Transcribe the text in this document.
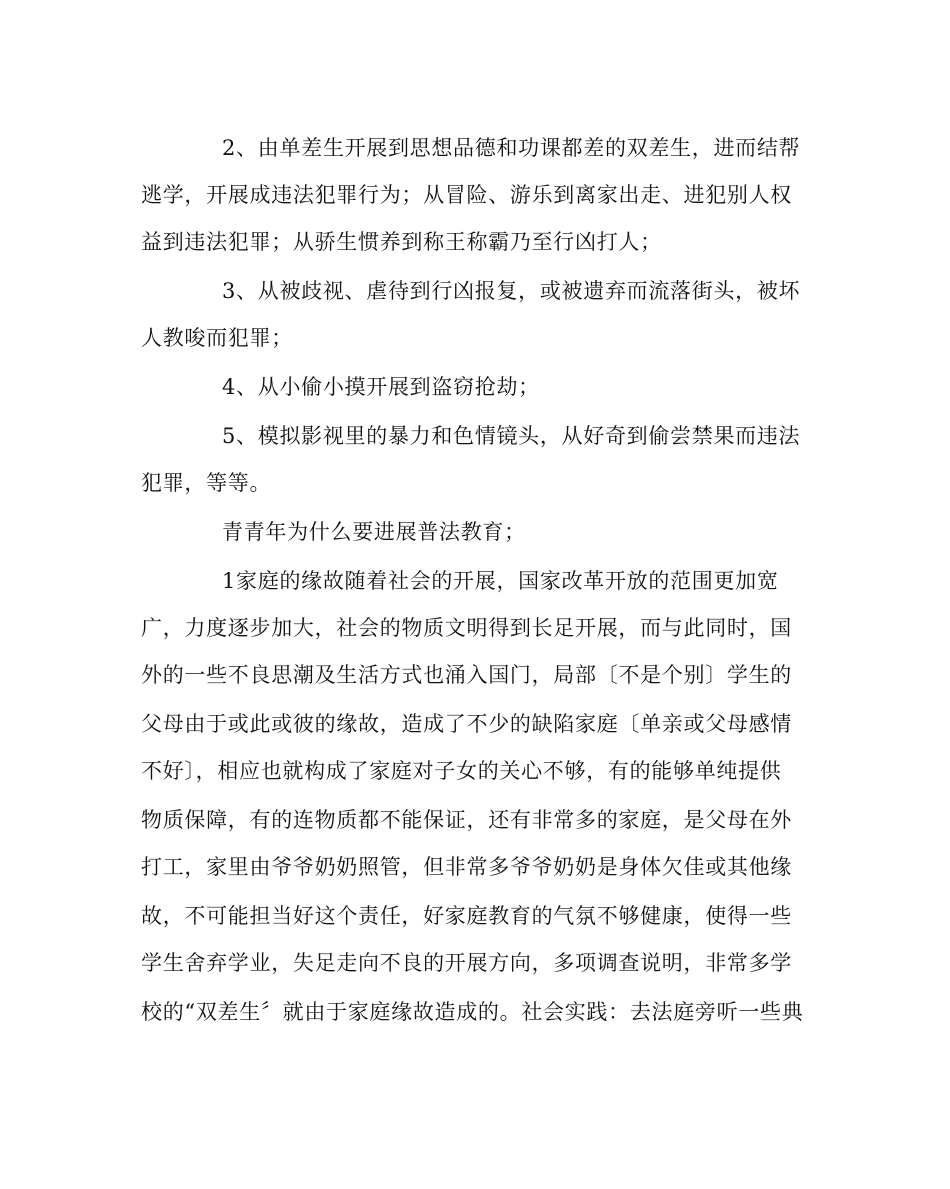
2、由单差生开展到思想品德和功课都差的双差生，进而结帮
逃学，开展成违法犯罪行为；从冒险、游乐到离家出走、进犯别人权
益到违法犯罪；从骄生惯养到称王称霸乃至行凶打人；
3、从被歧视、虐待到行凶报复，或被遗弃而流落街头，被坏
人教唆而犯罪；
4、从小偷小摸开展到盗窃抢劫；
5、模拟影视里的暴力和色情镜头，从好奇到偷尝禁果而违法
犯罪，等等。
青青年为什么要进展普法教育；
1家庭的缘故随着社会的开展，国家改革开放的范围更加宽
广，力度逐步加大，社会的物质文明得到长足开展，而与此同时，国
外的一些不良思潮及生活方式也涌入国门，局部〔不是个别〕学生的
父母由于或此或彼的缘故，造成了不少的缺陷家庭〔单亲或父母感情
不好〕，相应也就构成了家庭对子女的关心不够，有的能够单纯提供
物质保障，有的连物质都不能保证，还有非常多的家庭，是父母在外
打工，家里由爷爷奶奶照管，但非常多爷爷奶奶是身体欠佳或其他缘
故，不可能担当好这个责任，好家庭教育的气氛不够健康，使得一些
学生舍弃学业，失足走向不良的开展方向，多项调查说明，非常多学
校的“双差生〞就由于家庭缘故造成的。社会实践：去法庭旁听一些典
